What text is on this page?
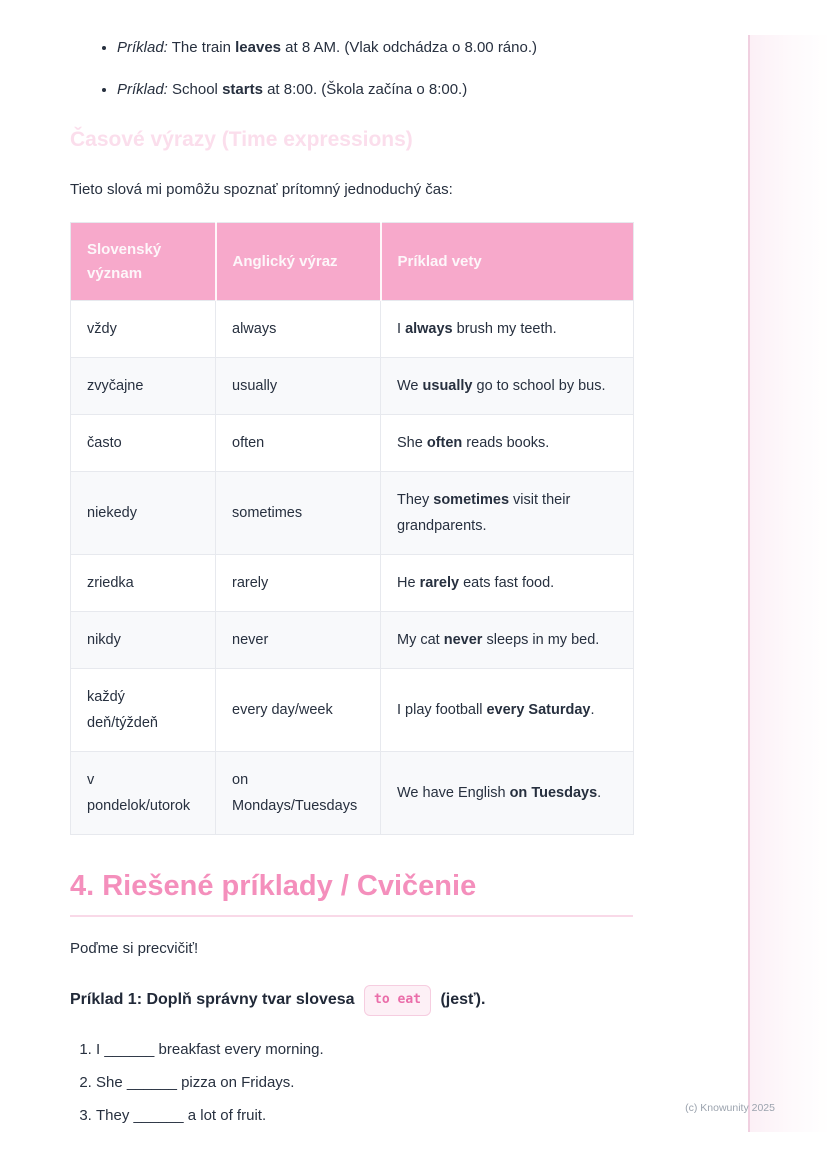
• Príklad: The train leaves at 8 AM. (Vlak odchádza o 8.00 ráno.)
• Príklad: School starts at 8:00. (Škola začína o 8:00.)
Časové výrazy (Time expressions)

Tieto slová mi pomôžu spoznať prítomný jednoduchý čas:

Slovenský význam	Anglický výraz	Príklad vety
vždy	always	I always brush my teeth.
zvyčajne	usually	We usually go to school by bus.
často	often	She often reads books.
niekedy	sometimes	They sometimes visit their grandparents.
zriedka	rarely	He rarely eats fast food.
nikdy	never	My cat never sleeps in my bed.
každý deň/týždeň	every day/week	I play football every Saturday.
v pondelok/utorok	on Mondays/Tuesdays	We have English on Tuesdays.
4. Riešené príklady / Cvičenie

Poďme si precvičiť!

Príklad 1: Doplň správny tvar slovesa to eat (jesť).

1. I ______ breakfast every morning.
2. She ______ pizza on Fridays.
3. They ______ a lot of fruit.	(c) Knowunity 2025
